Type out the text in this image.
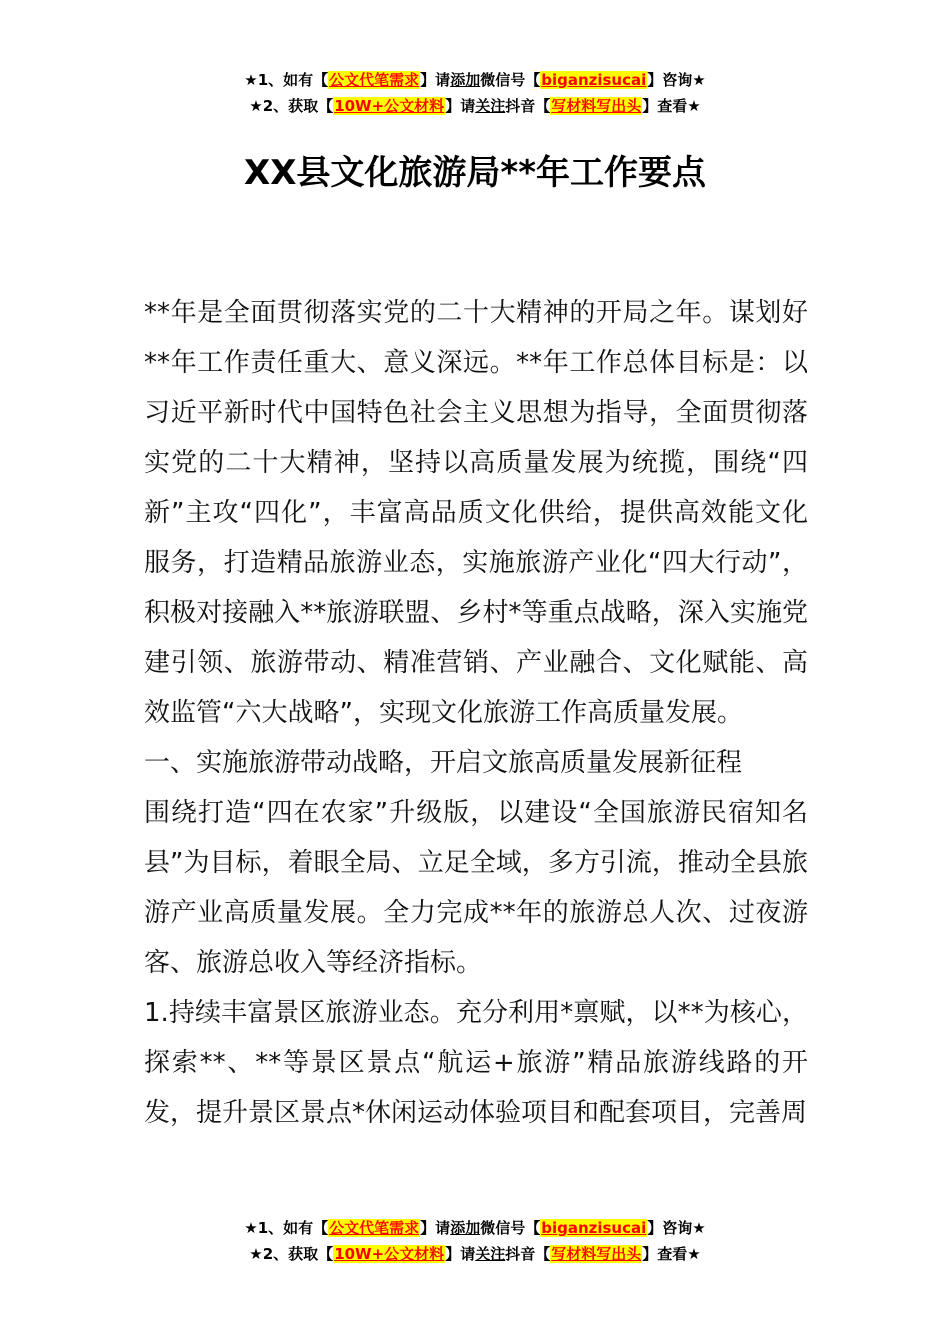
★1、如有【公文代笔需求】请添加微信号【biganzisucai】咨询★
★2、获取【10W+公文材料】请关注抖音【写材料写出头】查看★
XX县文化旅游局**年工作要点

**年是全面贯彻落实党的二十大精神的开局之年。谋划好**年工作责任重大、意义深远。**年工作总体目标是：以习近平新时代中国特色社会主义思想为指导，全面贯彻落实党的二十大精神，坚持以高质量发展为统揽，围绕“四新”主攻“四化”，丰富高品质文化供给，提供高效能文化服务，打造精品旅游业态，实施旅游产业化“四大行动”，积极对接融入**旅游联盟、乡村*等重点战略，深入实施党建引领、旅游带动、精准营销、产业融合、文化赋能、高效监管“六大战略”，实现文化旅游工作高质量发展。

一、实施旅游带动战略，开启文旅高质量发展新征程

围绕打造“四在农家”升级版，以建设“全国旅游民宿知名县”为目标，着眼全局、立足全域，多方引流，推动全县旅游产业高质量发展。全力完成**年的旅游总人次、过夜游客、旅游总收入等经济指标。

1.持续丰富景区旅游业态。充分利用*禀赋，以**为核心，探索**、**等景区景点“航运+旅游”精品旅游线路的开发，提升景区景点*休闲运动体验项目和配套项目，完善周

★1、如有【公文代笔需求】请添加微信号【biganzisucai】咨询★
★2、获取【10W+公文材料】请关注抖音【写材料写出头】查看★
